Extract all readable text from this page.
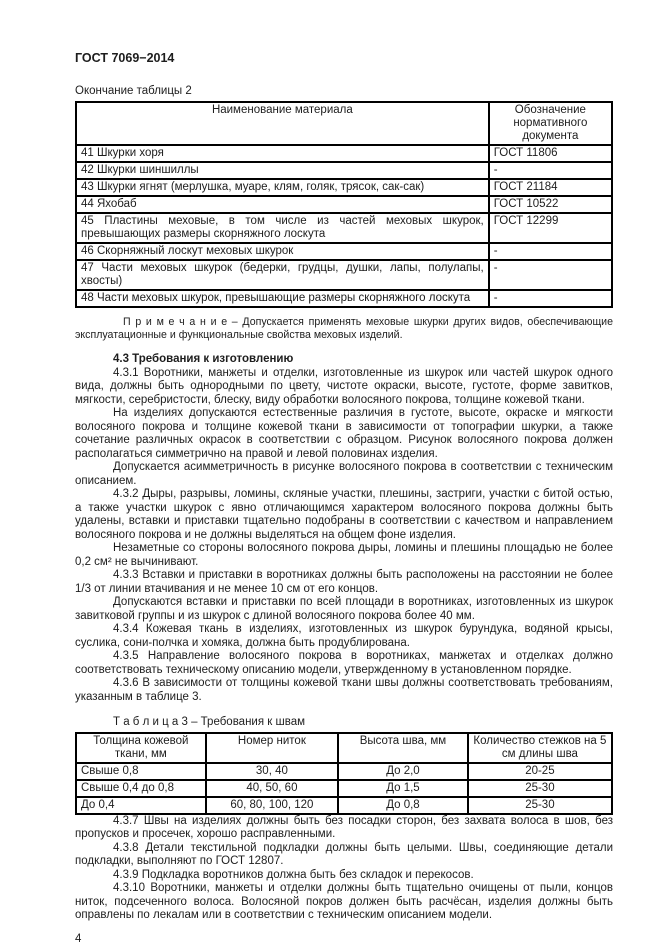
ГОСТ 7069−2014
Окончание таблицы 2
Наименование материала	Обозначение нормативного документа
41 Шкурки хоря	ГОСТ 11806
42 Шкурки шиншиллы	-
43 Шкурки ягнят (мерлушка, муаре, клям, голяк, трясок, сак-сак)	ГОСТ 21184
44 Яхобаб	ГОСТ 10522
45 Пластины меховые, в том числе из частей меховых шкурок, превышающих размеры скорняжного лоскута	ГОСТ 12299
46 Скорняжный лоскут меховых шкурок	-
47 Части меховых шкурок (бедерки, грудцы, душки, лапы, полулапы, хвосты)	-
48 Части меховых шкурок, превышающие размеры скорняжного лоскута	-

П р и м е ч а н и е – Допускается применять меховые шкурки других видов, обеспечивающие эксплуатационные и функциональные свойства меховых изделий.

4.3 Требования к изготовлению

4.3.1 Воротники, манжеты и отделки, изготовленные из шкурок или частей шкурок одного вида, должны быть однородными по цвету, чистоте окраски, высоте, густоте, форме завитков, мягкости, серебристости, блеску, виду обработки волосяного покрова, толщине кожевой ткани.

На изделиях допускаются естественные различия в густоте, высоте, окраске и мягкости волосяного покрова и толщине кожевой ткани в зависимости от топографии шкурки, а также сочетание различных окрасок в соответствии с образцом. Рисунок волосяного покрова должен располагаться симметрично на правой и левой половинах изделия.

Допускается асимметричность в рисунке волосяного покрова в соответствии с техническим описанием.

4.3.2 Дыры, разрывы, ломины, скляные участки, плешины, застриги, участки с битой остью, а также участки шкурок с явно отличающимся характером волосяного покрова должны быть удалены, вставки и приставки тщательно подобраны в соответствии с качеством и направлением волосяного покрова и не должны выделяться на общем фоне изделия.

Незаметные со стороны волосяного покрова дыры, ломины и плешины площадью не более 0,2 см² не вычинивают.

4.3.3 Вставки и приставки в воротниках должны быть расположены на расстоянии не более 1/3 от линии втачивания и не менее 10 см от его концов.

Допускаются вставки и приставки по всей площади в воротниках, изготовленных из шкурок завитковой группы и из шкурок с длиной волосяного покрова более 40 мм.

4.3.4 Кожевая ткань в изделиях, изготовленных из шкурок бурундука, водяной крысы, суслика, сони-полчка и хомяка, должна быть продублирована.

4.3.5 Направление волосяного покрова в воротниках, манжетах и отделках должно соответствовать техническому описанию модели, утвержденному в установленном порядке.

4.3.6 В зависимости от толщины кожевой ткани швы должны соответствовать требованиям, указанным в таблице 3.

Т а б л и ц а 3 – Требования к швам

Толщина кожевой ткани, мм	Номер ниток	Высота шва, мм	Количество стежков на 5 см длины шва
Свыше 0,8	30, 40	До 2,0	20-25
Свыше 0,4 до 0,8	40, 50, 60	До 1,5	25-30
До 0,4	60, 80, 100, 120	До 0,8	25-30

4.3.7 Швы на изделиях должны быть без посадки сторон, без захвата волоса в шов, без пропусков и просечек, хорошо расправленными.

4.3.8 Детали текстильной подкладки должны быть целыми. Швы, соединяющие детали подкладки, выполняют по ГОСТ 12807.

4.3.9 Подкладка воротников должна быть без складок и перекосов.

4.3.10 Воротники, манжеты и отделки должны быть тщательно очищены от пыли, концов ниток, подсеченного волоса. Волосяной покров должен быть расчёсан, изделия должны быть оправлены по лекалам или в соответствии с техническим описанием модели.

4
